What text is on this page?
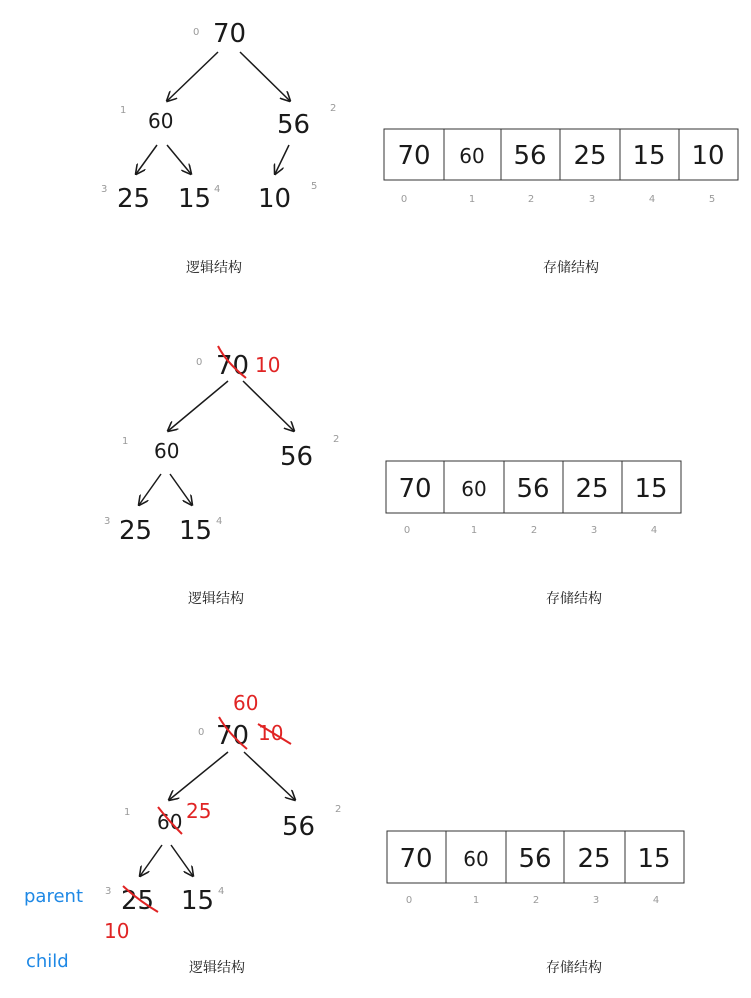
70
60	56
25 15 10
0
1	2
3	4	5
70 60 56 25 15 10
0	1	2	3	4	5
逻辑结构	存储结构
70 10
60	56
25 15
0
1	2
3	4
70 60 56 25 15
0	1	2	3	4
逻辑结构	存储结构
60
70 10
60 25
56
25
10
15
0
1	2
3	4
parent
child
70 60 56 25 15
0	1	2	3	4
逻辑结构	存储结构
